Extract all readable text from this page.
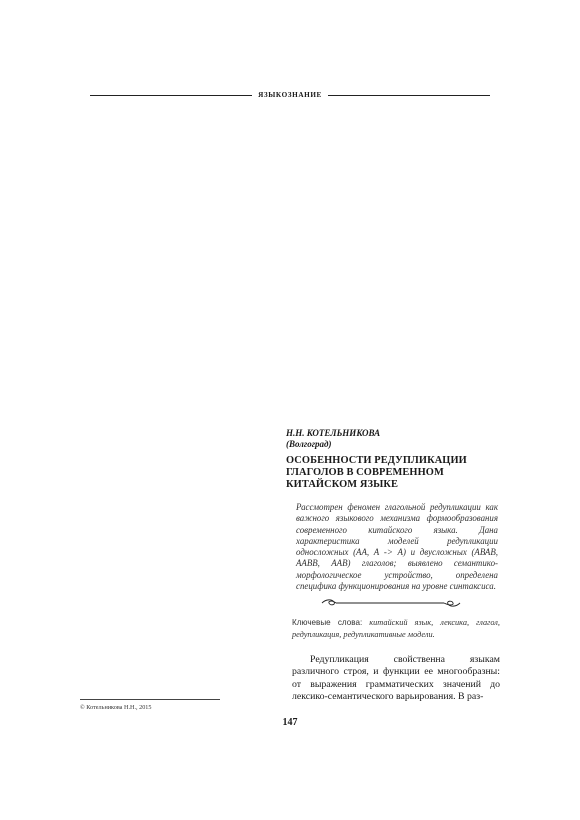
ЯЗЫКОЗНАНИЕ
Н.Н. КОТЕЛЬНИКОВА
(Волгоград)
ОСОБЕННОСТИ РЕДУПЛИКАЦИИ ГЛАГОЛОВ В СОВРЕМЕННОМ КИТАЙСКОМ ЯЗЫКЕ
Рассмотрен феномен глагольной редупликации как важного языкового механизма формообразования современного китайского языка. Дана характеристика моделей редупликации односложных (АА, А -> А) и двусложных (АВАВ, ААВВ, ААВ) глаголов; выявлено семантико-морфологическое устройство, определена специфика функционирования на уровне синтаксиса.
Ключевые слова: китайский язык, лексика, глагол, редупликация, редупликативные модели.
Редупликация свойственна языкам различного строя, и функции ее многообразны: от выражения грамматических значений до лексико-семантического варьирования. В раз-
© Котельникова Н.Н., 2015
147
